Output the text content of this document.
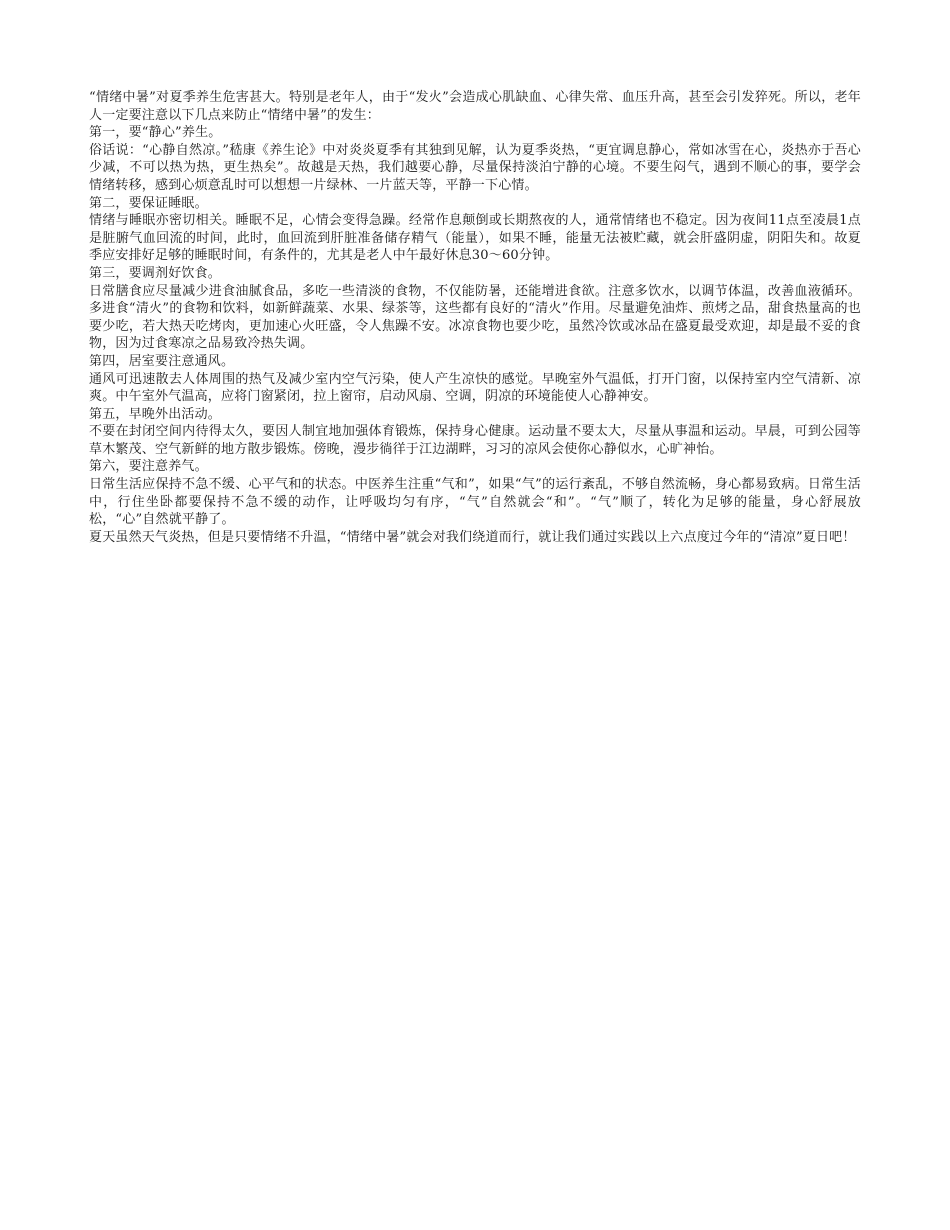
“情绪中暑”对夏季养生危害甚大。特别是老年人，由于“发火”会造成心肌缺血、心律失常、血压升高，甚至会引发猝死。所以，老年人一定要注意以下几点来防止“情绪中暑”的发生：

第一，要“静心”养生。

俗话说：“心静自然凉。”嵇康《养生论》中对炎炎夏季有其独到见解，认为夏季炎热，“更宜调息静心，常如冰雪在心，炎热亦于吾心少减，不可以热为热，更生热矣”。故越是天热，我们越要心静，尽量保持淡泊宁静的心境。不要生闷气，遇到不顺心的事，要学会情绪转移，感到心烦意乱时可以想想一片绿林、一片蓝天等，平静一下心情。

第二，要保证睡眠。

情绪与睡眠亦密切相关。睡眠不足，心情会变得急躁。经常作息颠倒或长期熬夜的人，通常情绪也不稳定。因为夜间11点至凌晨1点是脏腑气血回流的时间，此时，血回流到肝脏准备储存精气（能量），如果不睡，能量无法被贮藏，就会肝盛阴虚，阴阳失和。故夏季应安排好足够的睡眠时间，有条件的，尤其是老人中午最好休息30～60分钟。

第三，要调剂好饮食。

日常膳食应尽量减少进食油腻食品，多吃一些清淡的食物，不仅能防暑，还能增进食欲。注意多饮水，以调节体温，改善血液循环。多进食“清火”的食物和饮料，如新鲜蔬菜、水果、绿茶等，这些都有良好的“清火”作用。尽量避免油炸、煎烤之品，甜食热量高的也要少吃，若大热天吃烤肉，更加速心火旺盛，令人焦躁不安。冰凉食物也要少吃，虽然冷饮或冰品在盛夏最受欢迎，却是最不妥的食物，因为过食寒凉之品易致冷热失调。

第四，居室要注意通风。

通风可迅速散去人体周围的热气及减少室内空气污染，使人产生凉快的感觉。早晚室外气温低，打开门窗，以保持室内空气清新、凉爽。中午室外气温高，应将门窗紧闭，拉上窗帘，启动风扇、空调，阴凉的环境能使人心静神安。

第五，早晚外出活动。

不要在封闭空间内待得太久，要因人制宜地加强体育锻炼，保持身心健康。运动量不要太大，尽量从事温和运动。早晨，可到公园等草木繁茂、空气新鲜的地方散步锻炼。傍晚，漫步徜徉于江边湖畔，习习的凉风会使你心静似水，心旷神怡。

第六，要注意养气。

日常生活应保持不急不缓、心平气和的状态。中医养生注重“气和”，如果“气”的运行紊乱，不够自然流畅，身心都易致病。日常生活中，行住坐卧都要保持不急不缓的动作，让呼吸均匀有序，“气”自然就会“和”。“气”顺了，转化为足够的能量，身心舒展放松，“心”自然就平静了。

夏天虽然天气炎热，但是只要情绪不升温，“情绪中暑”就会对我们绕道而行，就让我们通过实践以上六点度过今年的“清凉”夏日吧！
